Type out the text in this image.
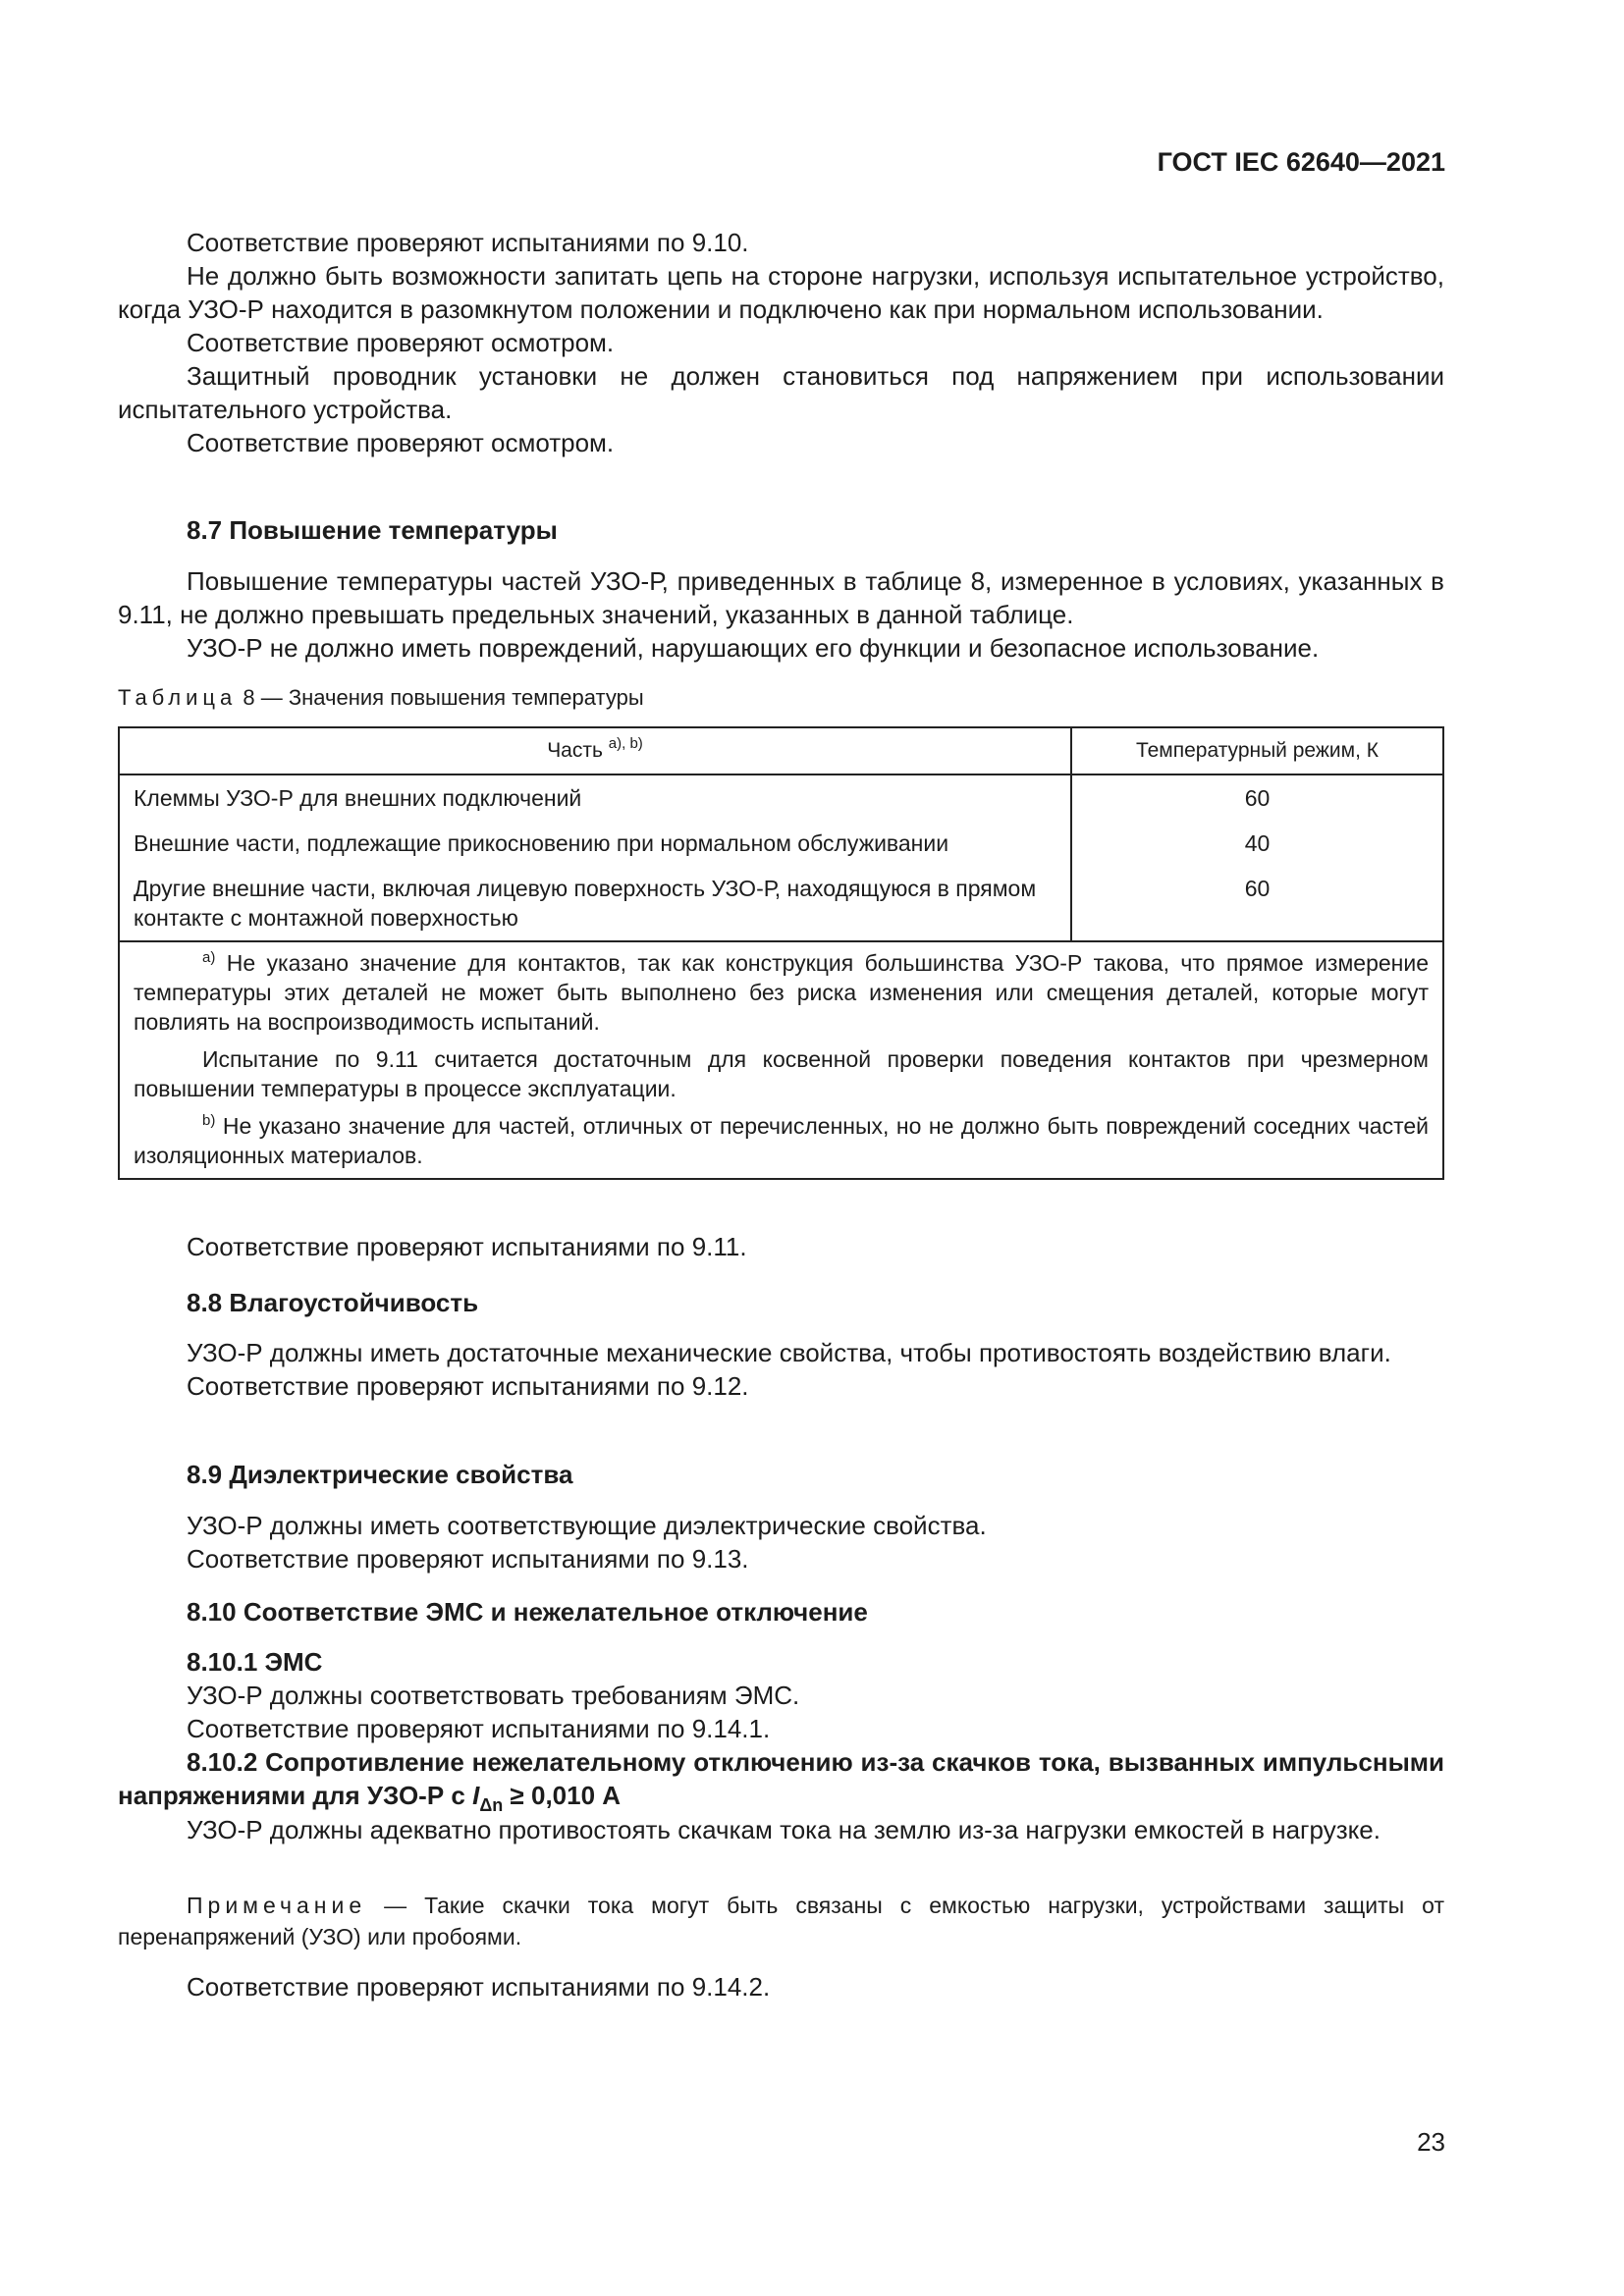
ГОСТ IEC 62640—2021

Соответствие проверяют испытаниями по 9.10.

Не должно быть возможности запитать цепь на стороне нагрузки, используя испытательное устройство, когда УЗО-Р находится в разомкнутом положении и подключено как при нормальном использовании.

Соответствие проверяют осмотром.

Защитный проводник установки не должен становиться под напряжением при использовании испытательного устройства.

Соответствие проверяют осмотром.

8.7 Повышение температуры

Повышение температуры частей УЗО-Р, приведенных в таблице 8, измеренное в условиях, указанных в 9.11, не должно превышать предельных значений, указанных в данной таблице.

УЗО-Р не должно иметь повреждений, нарушающих его функции и безопасное использование.

Таблица 8 — Значения повышения температуры
Часть $^{a), b)}$	Температурный режим, К
Клеммы УЗО-Р для внешних подключений	60
Внешние части, подлежащие прикосновению при нормальном обслуживании	40
Другие внешние части, включая лицевую поверхность УЗО-Р, находящуюся в прямом контакте с монтажной поверхностью	60

$^{a)}$ Не указано значение для контактов, так как конструкция большинства УЗО-Р такова, что прямое измерение температуры этих деталей не может быть выполнено без риска изменения или смещения деталей, которые могут повлиять на воспроизводимость испытаний.
Испытание по 9.11 считается достаточным для косвенной проверки поведения контактов при чрезмерном повышении температуры в процессе эксплуатации.
$^{b)}$ Не указано значение для частей, отличных от перечисленных, но не должно быть повреждений соседних частей изоляционных материалов.	

Соответствие проверяют испытаниями по 9.11.

8.8 Влагоустойчивость

УЗО-Р должны иметь достаточные механические свойства, чтобы противостоять воздействию влаги.

Соответствие проверяют испытаниями по 9.12.

8.9 Диэлектрические свойства

УЗО-Р должны иметь соответствующие диэлектрические свойства.

Соответствие проверяют испытаниями по 9.13.

8.10 Соответствие ЭМС и нежелательное отключение
8.10.1 ЭМС

УЗО-Р должны соответствовать требованиям ЭМС.

Соответствие проверяют испытаниями по 9.14.1.

8.10.2 Сопротивление нежелательному отключению из-за скачков тока, вызванных импульсными напряжениями для УЗО-Р с $I_{\Delta n} \ge 0,010$ А

УЗО-Р должны адекватно противостоять скачкам тока на землю из-за нагрузки емкостей в нагрузке.

Примечание — Такие скачки тока могут быть связаны с емкостью нагрузки, устройствами защиты от перенапряжений (УЗО) или пробоями.

Соответствие проверяют испытаниями по 9.14.2.

23
